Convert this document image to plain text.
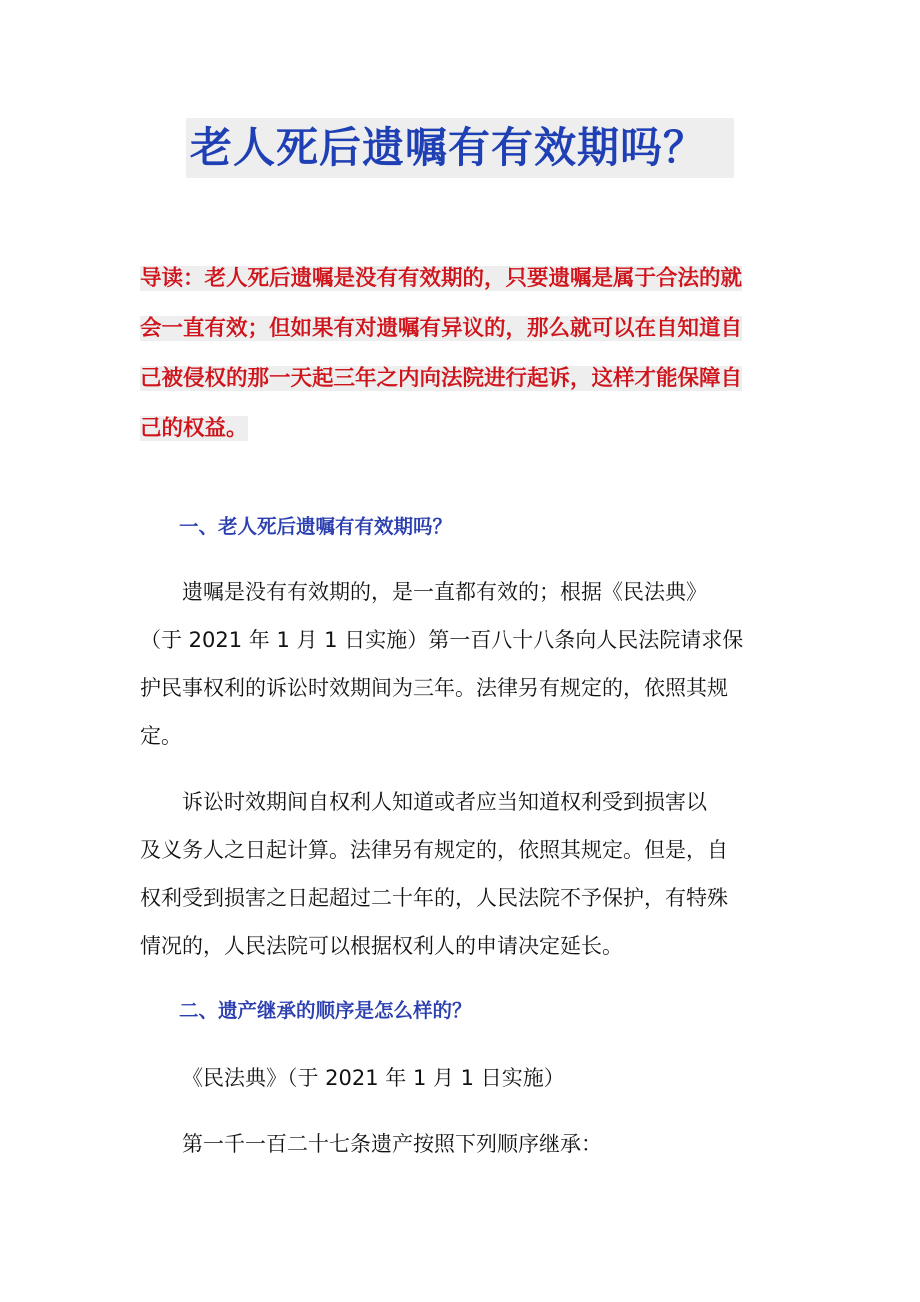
老人死后遗嘱有有效期吗？
导读：老人死后遗嘱是没有有效期的，只要遗嘱是属于合法的就
会一直有效；但如果有对遗嘱有异议的，那么就可以在自知道自
己被侵权的那一天起三年之内向法院进行起诉，这样才能保障自
己的权益。
一、老人死后遗嘱有有效期吗？
遗嘱是没有有效期的，是一直都有效的；根据《民法典》
（于 2021 年 1 月 1 日实施）第一百八十八条向人民法院请求保
护民事权利的诉讼时效期间为三年。法律另有规定的，依照其规
定。
诉讼时效期间自权利人知道或者应当知道权利受到损害以
及义务人之日起计算。法律另有规定的，依照其规定。但是，自
权利受到损害之日起超过二十年的，人民法院不予保护，有特殊
情况的，人民法院可以根据权利人的申请决定延长。
二、遗产继承的顺序是怎么样的？
《民法典》（于 2021 年 1 月 1 日实施）
第一千一百二十七条遗产按照下列顺序继承：
